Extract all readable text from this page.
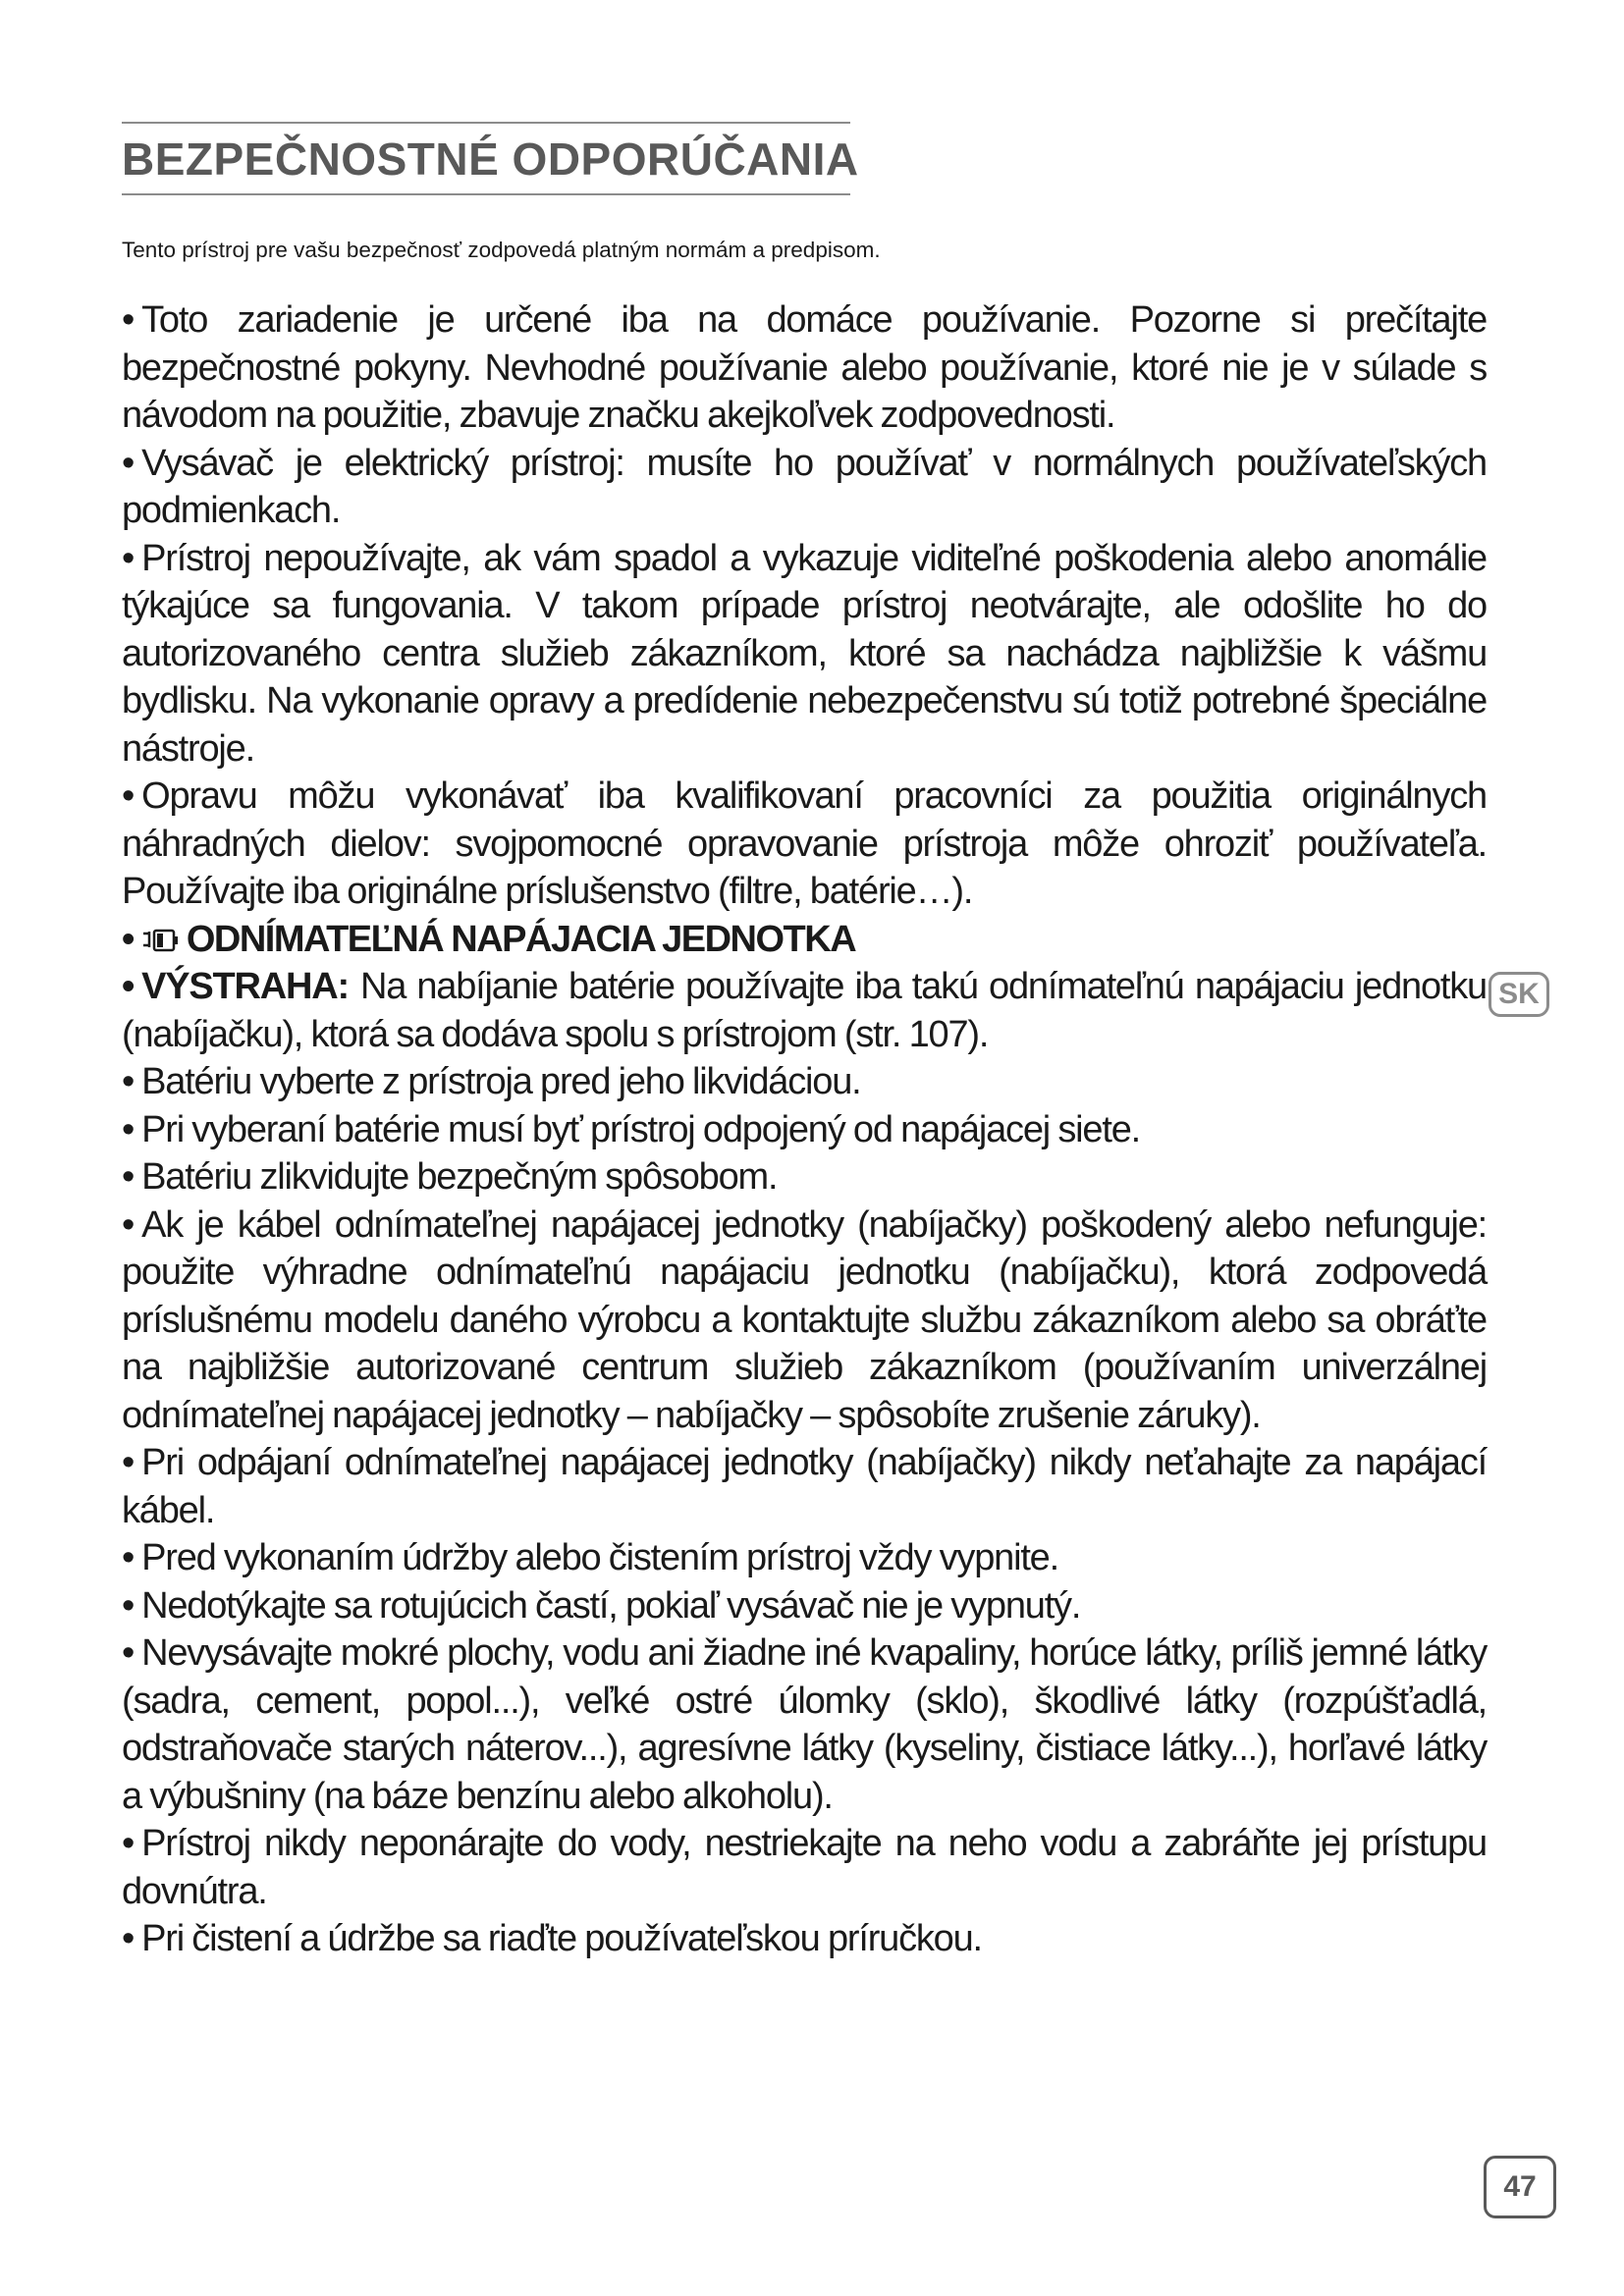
BEZPEČNOSTNÉ ODPORÚČANIA
Tento prístroj pre vašu bezpečnosť zodpovedá platným normám a predpisom.

• Toto zariadenie je určené iba na domáce používanie. Pozorne si prečítajte bezpečnostné pokyny. Nevhodné používanie alebo používanie, ktoré nie je v súlade s návodom na použitie, zbavuje značku akejkoľvek zodpovednosti.

• Vysávač je elektrický prístroj: musíte ho používať v normálnych používateľských podmienkach.

• Prístroj nepoužívajte, ak vám spadol a vykazuje viditeľné poškodenia alebo anomálie týkajúce sa fungovania. V takom prípade prístroj neotvárajte, ale odošlite ho do autorizovaného centra služieb zákazníkom, ktoré sa nachádza najbližšie k vášmu bydlisku. Na vykonanie opravy a predídenie nebezpečenstvu sú totiž potrebné špeciálne nástroje.

• Opravu môžu vykonávať iba kvalifikovaní pracovníci za použitia originálnych náhradných dielov: svojpomocné opravovanie prístroja môže ohroziť používateľa. Používajte iba originálne príslušenstvo (filtre, batérie…).

• ODNÍMATEĽNÁ NAPÁJACIA JEDNOTKA

• VÝSTRAHA: Na nabíjanie batérie používajte iba takú odnímateľnú napájaciu jednotku (nabíjačku), ktorá sa dodáva spolu s prístrojom (str. 107).

• Batériu vyberte z prístroja pred jeho likvidáciou.

• Pri vyberaní batérie musí byť prístroj odpojený od napájacej siete.

• Batériu zlikvidujte bezpečným spôsobom.

• Ak je kábel odnímateľnej napájacej jednotky (nabíjačky) poškodený alebo nefunguje: použite výhradne odnímateľnú napájaciu jednotku (nabíjačku), ktorá zodpovedá príslušnému modelu daného výrobcu a kontaktujte službu zákazníkom alebo sa obráťte na najbližšie autorizované centrum služieb zákazníkom (používaním univerzálnej odnímateľnej napájacej jednotky – nabíjačky – spôsobíte zrušenie záruky).

• Pri odpájaní odnímateľnej napájacej jednotky (nabíjačky) nikdy neťahajte za napájací kábel.

• Pred vykonaním údržby alebo čistením prístroj vždy vypnite.

• Nedotýkajte sa rotujúcich častí, pokiaľ vysávač nie je vypnutý.

• Nevysávajte mokré plochy, vodu ani žiadne iné kvapaliny, horúce látky, príliš jemné látky (sadra, cement, popol...), veľké ostré úlomky (sklo), škodlivé látky (rozpúšťadlá, odstraňovače starých náterov...), agresívne látky (kyseliny, čistiace látky...), horľavé látky a výbušniny (na báze benzínu alebo alkoholu).

• Prístroj nikdy neponárajte do vody, nestriekajte na neho vodu a zabráňte jej prístupu dovnútra.

• Pri čistení a údržbe sa riaďte používateľskou príručkou.

SK
47
